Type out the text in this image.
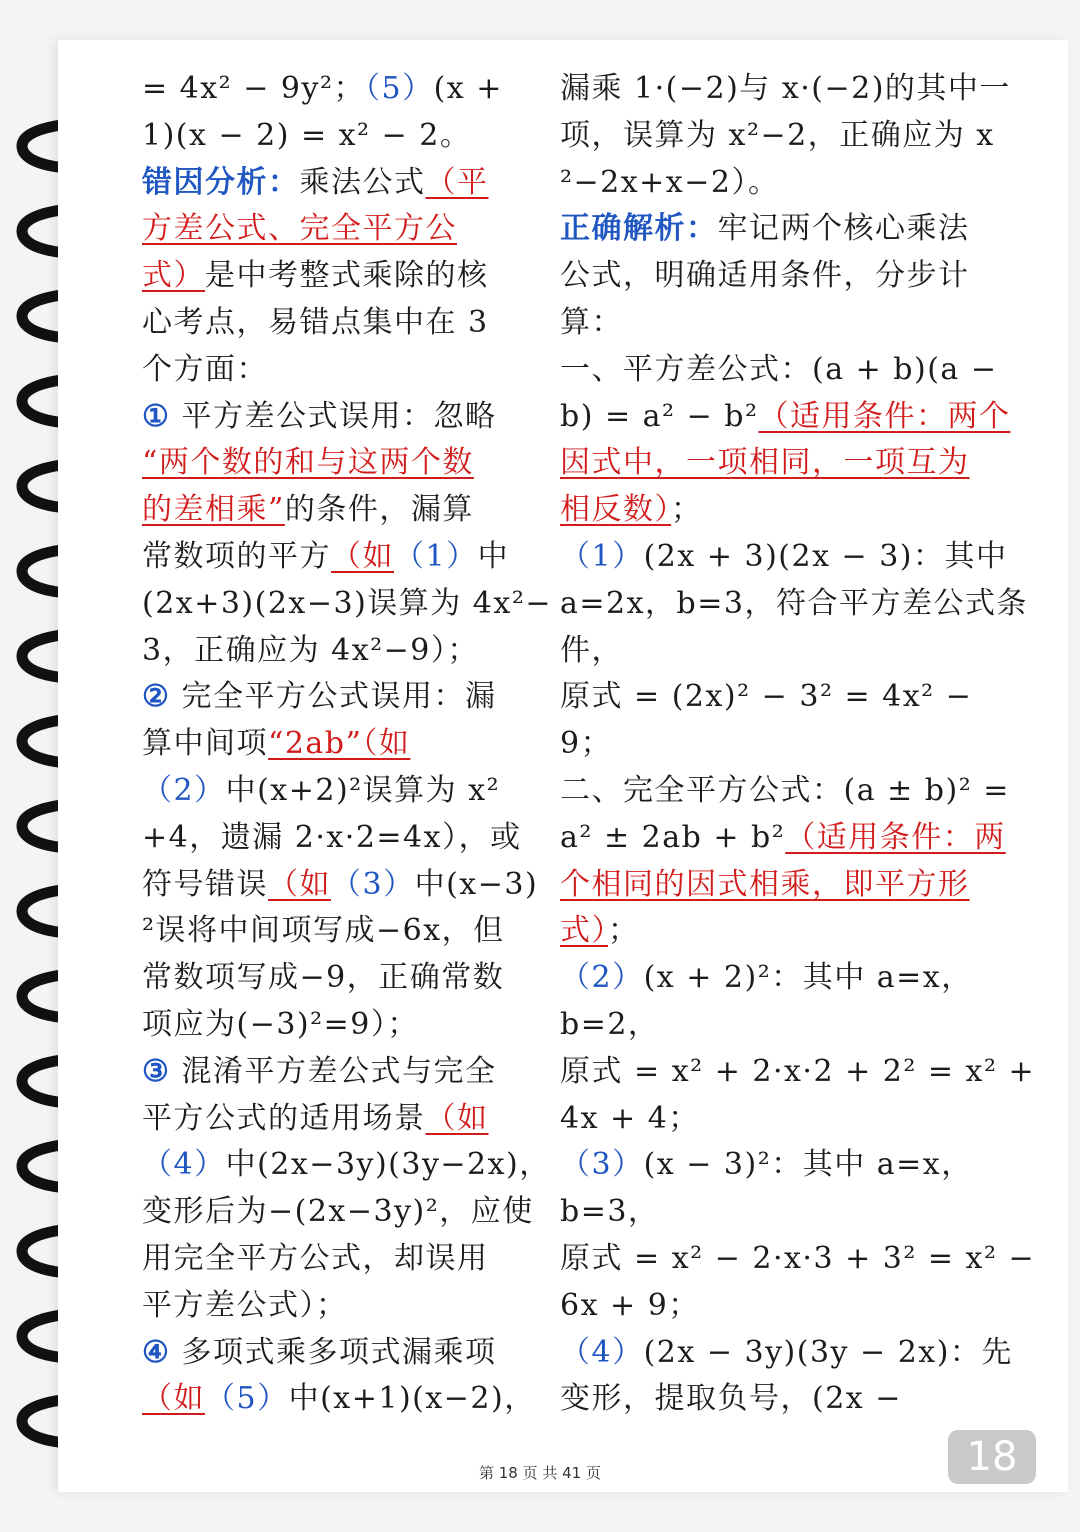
= 4x² − 9y²；（5）(x +
1)(x − 2) = x² − 2。
错因分析：乘法公式（平
方差公式、完全平方公
式）是中考整式乘除的核
心考点，易错点集中在 3
个方面：
① 平方差公式误用：忽略
“两个数的和与这两个数
的差相乘”的条件，漏算
常数项的平方（如（1）中
(2x+3)(2x−3)误算为 4x²−
3，正确应为 4x²−9）；
② 完全平方公式误用：漏
算中间项“2ab”（如
（2）中(x+2)²误算为 x²
+4，遗漏 2·x·2=4x），或
符号错误（如（3）中(x−3)
²误将中间项写成−6x，但
常数项写成−9，正确常数
项应为(−3)²=9）；
③ 混淆平方差公式与完全
平方公式的适用场景（如
（4）中(2x−3y)(3y−2x)，
变形后为−(2x−3y)²，应使
用完全平方公式，却误用
平方差公式）；
④ 多项式乘多项式漏乘项
（如（5）中(x+1)(x−2)，
漏乘 1·(−2)与 x·(−2)的其中一
项，误算为 x²−2，正确应为 x
²−2x+x−2）。
正确解析：牢记两个核心乘法
公式，明确适用条件，分步计
算：
一、平方差公式：(a + b)(a −
b) = a² − b²（适用条件：两个
因式中，一项相同，一项互为
相反数）；
（1）(2x + 3)(2x − 3)：其中
a=2x，b=3，符合平方差公式条
件，
原式 = (2x)² − 3² = 4x² −
9；
二、完全平方公式：(a ± b)² =
a² ± 2ab + b²（适用条件：两
个相同的因式相乘，即平方形
式）；
（2）(x + 2)²：其中 a=x，
b=2，
原式 = x² + 2·x·2 + 2² = x² +
4x + 4；
（3）(x − 3)²：其中 a=x，
b=3，
原式 = x² − 2·x·3 + 3² = x² −
6x + 9；
（4）(2x − 3y)(3y − 2x)：先
变形，提取负号，(2x −
第 18 页 共 41 页	18
